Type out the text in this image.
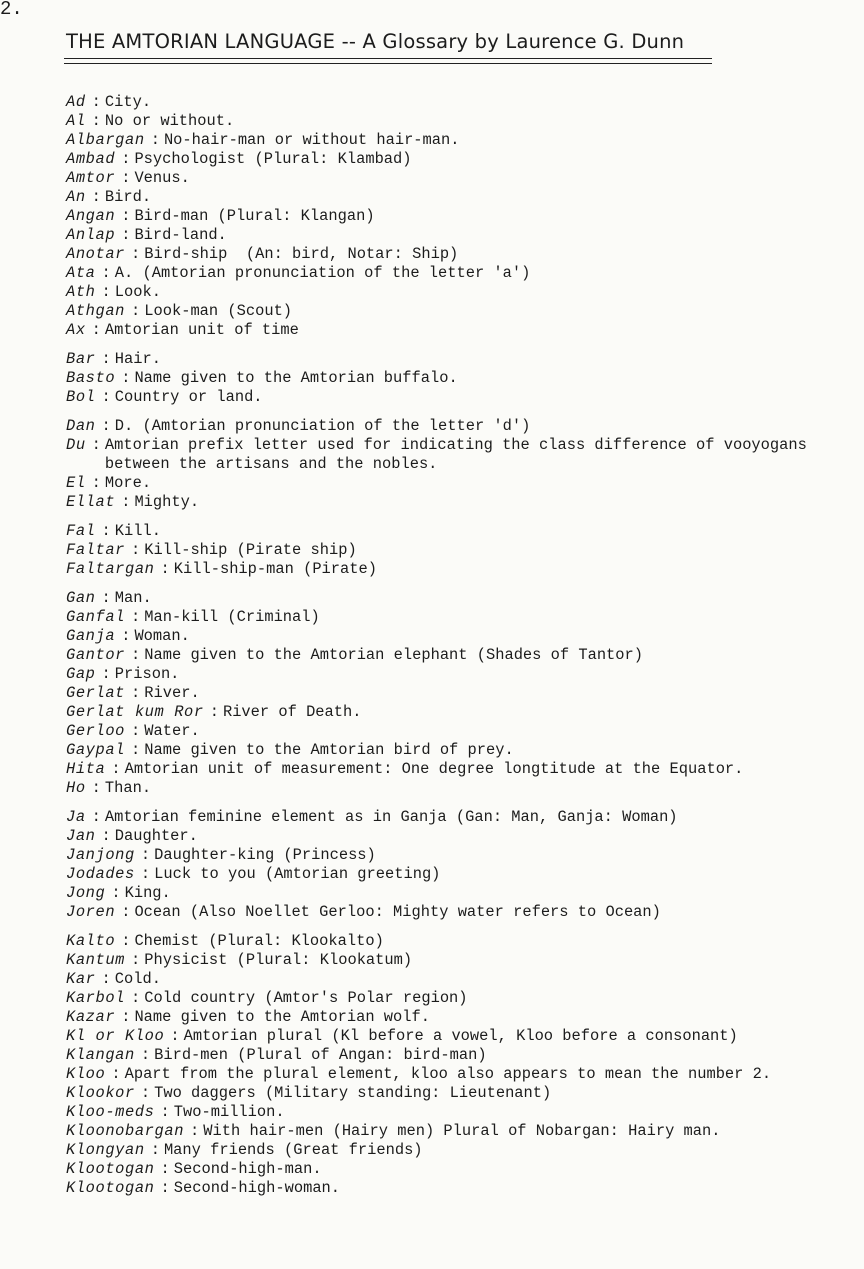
2.
THE AMTORIAN LANGUAGE -- A Glossary by Laurence G. Dunn
Ad : City.
Al : No or without.
Albargan : No-hair-man or without hair-man.
Ambad : Psychologist (Plural: Klambad)
Amtor : Venus.
An : Bird.
Angan : Bird-man (Plural: Klangan)
Anlap : Bird-land.
Anotar : Bird-ship  (An: bird, Notar: Ship)
Ata : A. (Amtorian pronunciation of the letter 'a')
Ath : Look.
Athgan : Look-man (Scout)
Ax : Amtorian unit of time
Bar : Hair.
Basto : Name given to the Amtorian buffalo.
Bol : Country or land.
Dan : D. (Amtorian pronunciation of the letter 'd')
Du : Amtorian prefix letter used for indicating the class difference of vooyogans
between the artisans and the nobles.
El : More.
Ellat : Mighty.
Fal : Kill.
Faltar : Kill-ship (Pirate ship)
Faltargan : Kill-ship-man (Pirate)
Gan : Man.
Ganfal : Man-kill (Criminal)
Ganja : Woman.
Gantor : Name given to the Amtorian elephant (Shades of Tantor)
Gap : Prison.
Gerlat : River.
Gerlat kum Ror : River of Death.
Gerloo : Water.
Gaypal : Name given to the Amtorian bird of prey.
Hita : Amtorian unit of measurement: One degree longtitude at the Equator.
Ho : Than.
Ja : Amtorian feminine element as in Ganja (Gan: Man, Ganja: Woman)
Jan : Daughter.
Janjong : Daughter-king (Princess)
Jodades : Luck to you (Amtorian greeting)
Jong : King.
Joren : Ocean (Also Noellet Gerloo: Mighty water refers to Ocean)
Kalto : Chemist (Plural: Klookalto)
Kantum : Physicist (Plural: Klookatum)
Kar : Cold.
Karbol : Cold country (Amtor's Polar region)
Kazar : Name given to the Amtorian wolf.
Kl or Kloo : Amtorian plural (Kl before a vowel, Kloo before a consonant)
Klangan : Bird-men (Plural of Angan: bird-man)
Kloo : Apart from the plural element, kloo also appears to mean the number 2.
Klookor : Two daggers (Military standing: Lieutenant)
Kloo-meds : Two-million.
Kloonobargan : With hair-men (Hairy men) Plural of Nobargan: Hairy man.
Klongyan : Many friends (Great friends)
Klootogan : Second-high-man.
Klootogan : Second-high-woman.
